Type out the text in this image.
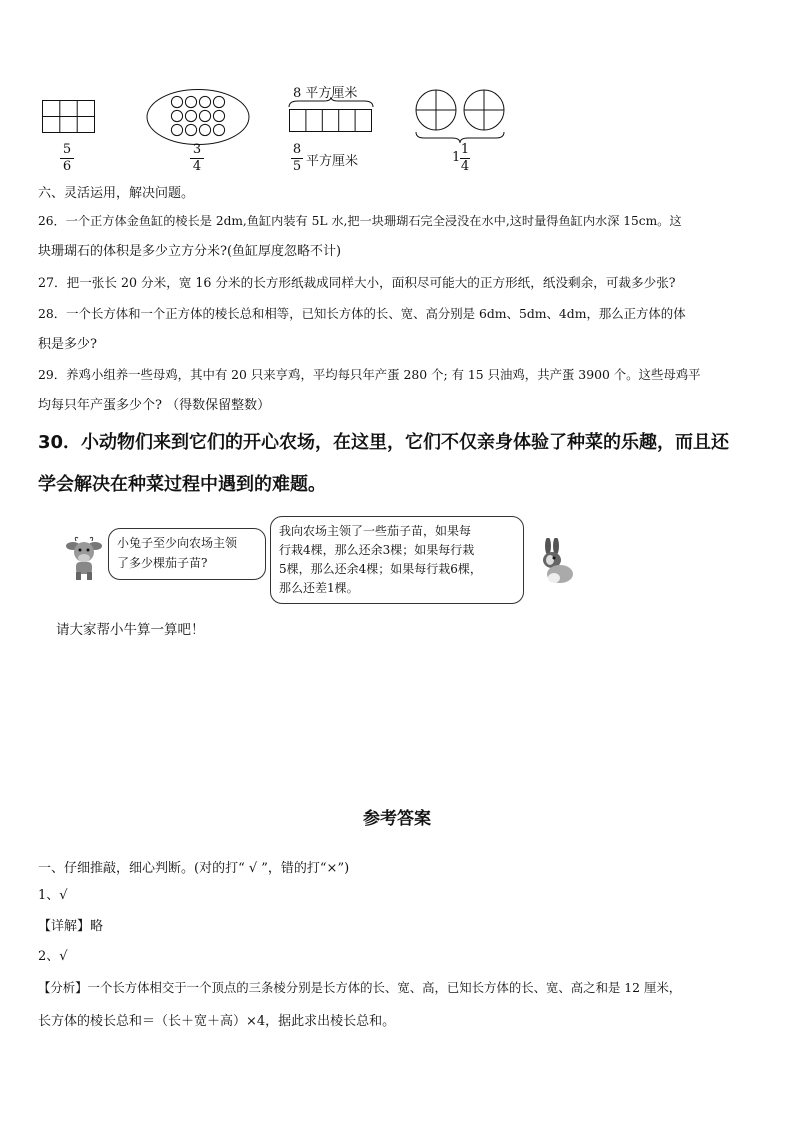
5
6
3
4
8 平方厘米
8
5 平方厘米	1
1
4
六、灵活运用，解决问题。
26．一个正方体金鱼缸的棱长是 2dm,鱼缸内装有 5L 水,把一块珊瑚石完全浸没在水中,这时量得鱼缸内水深 15cm。这
块珊瑚石的体积是多少立方分米?(鱼缸厚度忽略不计)
27．把一张长 20 分米，宽 16 分米的长方形纸裁成同样大小，面积尽可能大的正方形纸，纸没剩余，可裁多少张?
28．一个长方体和一个正方体的棱长总和相等，已知长方体的长、宽、高分别是 6dm、5dm、4dm，那么正方体的体
积是多少?
29．养鸡小组养一些母鸡，其中有 20 只来亨鸡，平均每只年产蛋 280 个; 有 15 只油鸡，共产蛋 3900 个。这些母鸡平
均每只年产蛋多少个? （得数保留整数）
30．小动物们来到它们的开心农场，在这里，它们不仅亲身体验了种菜的乐趣，而且还
学会解决在种菜过程中遇到的难题。
小兔子至少向农场主领
了多少棵茄子苗?
我向农场主领了一些茄子苗，如果每
行栽4棵，那么还余3棵；如果每行栽
5棵，那么还余4棵；如果每行栽6棵，
那么还差1棵。
请大家帮小牛算一算吧！
参考答案
一、仔细推敲，细心判断。(对的打“ √ ”，错的打“×”)
1、√
【详解】略
2、√
【分析】一个长方体相交于一个顶点的三条棱分别是长方体的长、宽、高，已知长方体的长、宽、高之和是 12 厘米，
长方体的棱长总和＝（长＋宽＋高）×4，据此求出棱长总和。
